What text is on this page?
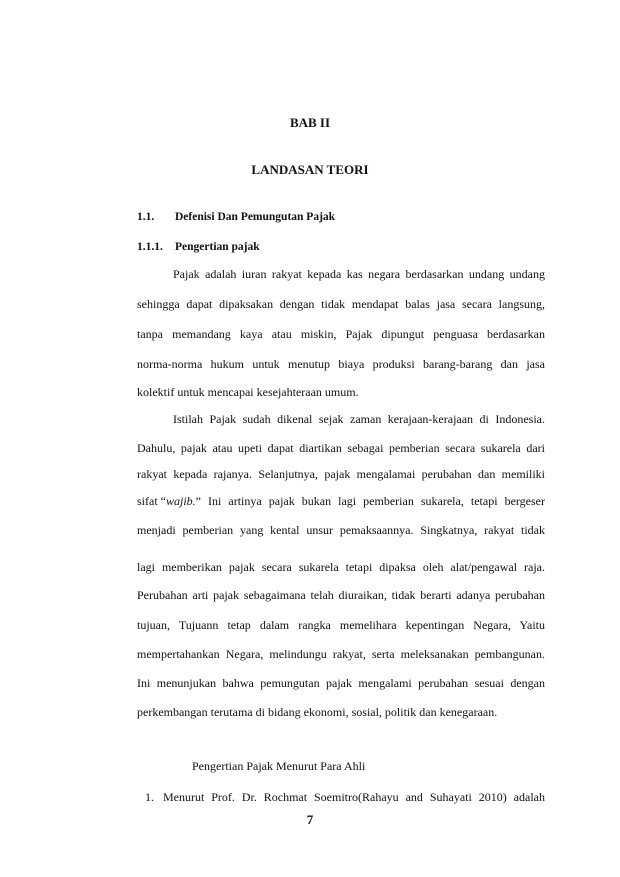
BAB II
LANDASAN TEORI
1.1. Defenisi Dan Pemungutan Pajak
1.1.1. Pengertian pajak
Pajak adalah iuran rakyat kepada kas negara berdasarkan undang undang
sehingga dapat dipaksakan dengan tidak mendapat balas jasa secara langsung,
tanpa memandang kaya atau miskin, Pajak dipungut penguasa berdasarkan
norma-norma hukum untuk menutup biaya produksi barang-barang dan jasa
kolektif untuk mencapai kesejahteraan umum.
Istilah Pajak sudah dikenal sejak zaman kerajaan-kerajaan di Indonesia.
Dahulu, pajak atau upeti dapat diartikan sebagai pemberian secara sukarela dari
rakyat kepada rajanya. Selanjutnya, pajak mengalamai perubahan dan memiliki
sifat “ wajib. ” Ini artinya pajak bukan lagi pemberian sukarela, tetapi bergeser
menjadi pemberian yang kental unsur pemaksaannya. Singkatnya, rakyat tidak
lagi memberikan pajak secara sukarela tetapi dipaksa oleh alat/pengawal raja.
Perubahan arti pajak sebagaimana telah diuraikan, tidak berarti adanya perubahan
tujuan, Tujuann tetap dalam rangka memelihara kepentingan Negara, Yaitu
mempertahankan Negara, melindungu rakyat, serta meleksanakan pembangunan.
Ini menunjukan bahwa pemungutan pajak mengalami perubahan sesuai dengan
perkembangan terutama di bidang ekonomi, sosial, politik dan kenegaraan.
Pengertian Pajak Menurut Para Ahli
1. Menurut Prof. Dr. Rochmat Soemitro(Rahayu and Suhayati 2010) adalah
7
